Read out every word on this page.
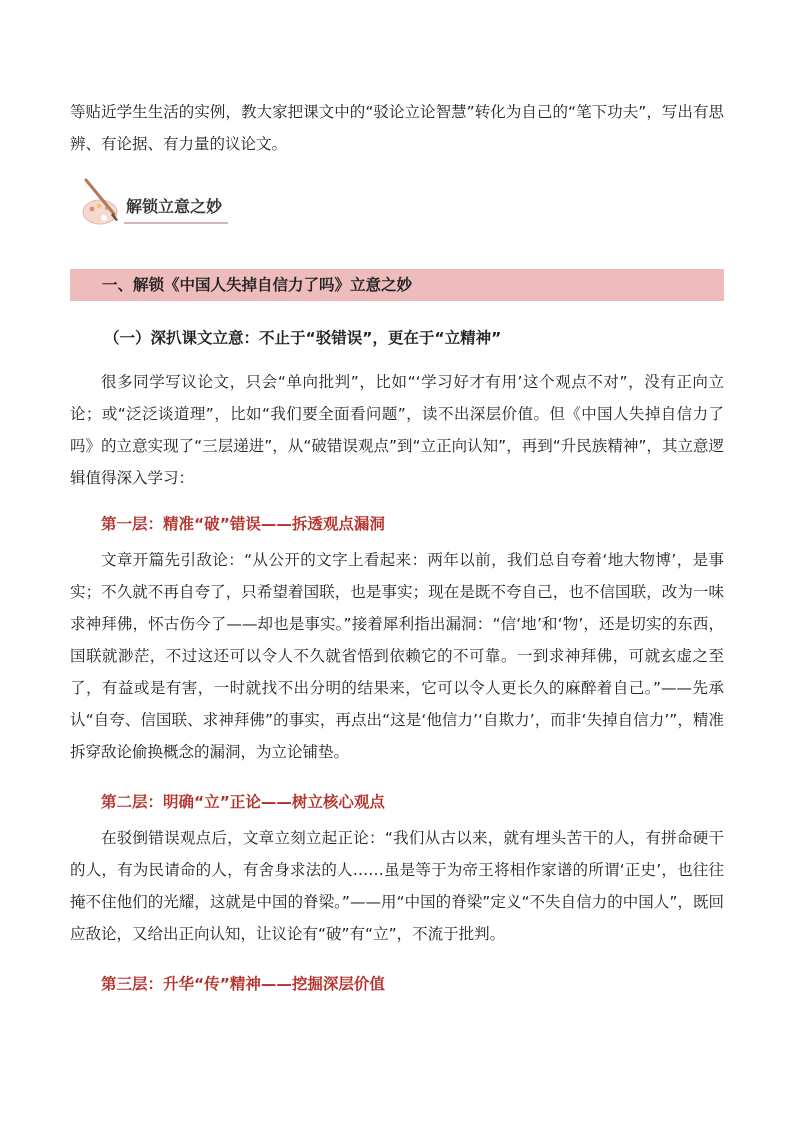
等贴近学生生活的实例，教大家把课文中的“驳论立论智慧”转化为自己的“笔下功夫”，写出有思辨、有论据、有力量的议论文。

解锁立意之妙
一、解锁《中国人失掉自信力了吗》立意之妙
（一）深扒课文立意：不止于“驳错误”，更在于“立精神”

很多同学写议论文，只会“单向批判”，比如“‘学习好才有用’这个观点不对”，没有正向立论；或“泛泛谈道理”，比如“我们要全面看问题”，读不出深层价值。但《中国人失掉自信力了吗》的立意实现了“三层递进”，从“破错误观点”到“立正向认知”，再到“升民族精神”，其立意逻辑值得深入学习：

第一层：精准“破”错误——拆透观点漏洞

文章开篇先引敌论：“从公开的文字上看起来：两年以前，我们总自夸着‘地大物博’，是事实；不久就不再自夸了，只希望着国联，也是事实；现在是既不夸自己，也不信国联，改为一味求神拜佛，怀古伤今了——却也是事实。”接着犀利指出漏洞：“信‘地’和‘物’，还是切实的东西，国联就渺茫，不过这还可以令人不久就省悟到依赖它的不可靠。一到求神拜佛，可就玄虚之至了，有益或是有害，一时就找不出分明的结果来，它可以令人更长久的麻醉着自己。”——先承认“自夸、信国联、求神拜佛”的事实，再点出“这是‘他信力’‘自欺力’，而非‘失掉自信力’”，精准拆穿敌论偷换概念的漏洞，为立论铺垫。

第二层：明确“立”正论——树立核心观点

在驳倒错误观点后，文章立刻立起正论：“我们从古以来，就有埋头苦干的人，有拼命硬干的人，有为民请命的人，有舍身求法的人……虽是等于为帝王将相作家谱的所谓‘正史’，也往往掩不住他们的光耀，这就是中国的脊梁。”——用“中国的脊梁”定义“不失自信力的中国人”，既回应敌论，又给出正向认知，让议论有“破”有“立”，不流于批判。

第三层：升华“传”精神——挖掘深层价值
